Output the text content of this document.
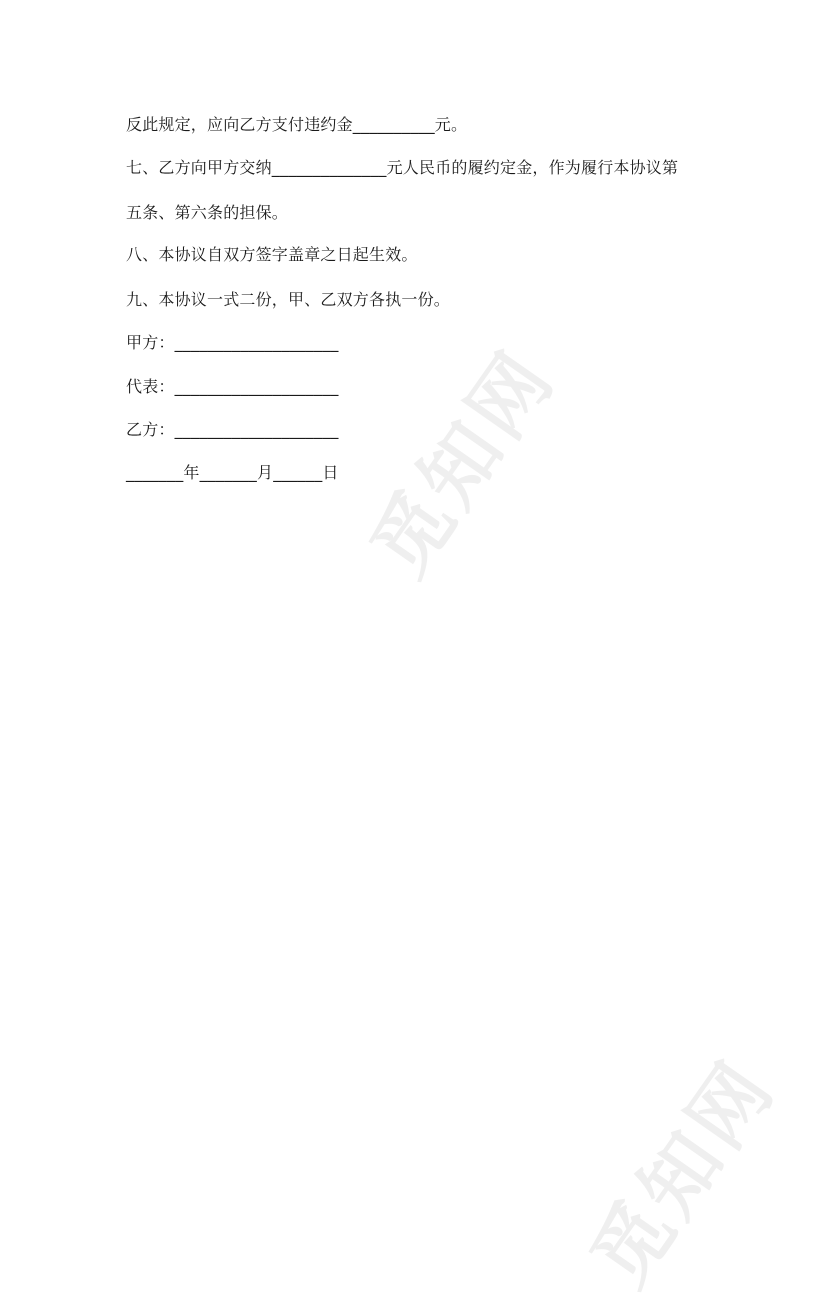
觅知网
觅知网
反此规定，应向乙方支付违约金__________元。
七、乙方向甲方交纳______________元人民币的履约定金，作为履行本协议第
五条、第六条的担保。
八、本协议自双方签字盖章之日起生效。
九、本协议一式二份，甲、乙双方各执一份。
甲方：____________________
代表：____________________
乙方：____________________
_______年_______月______日
